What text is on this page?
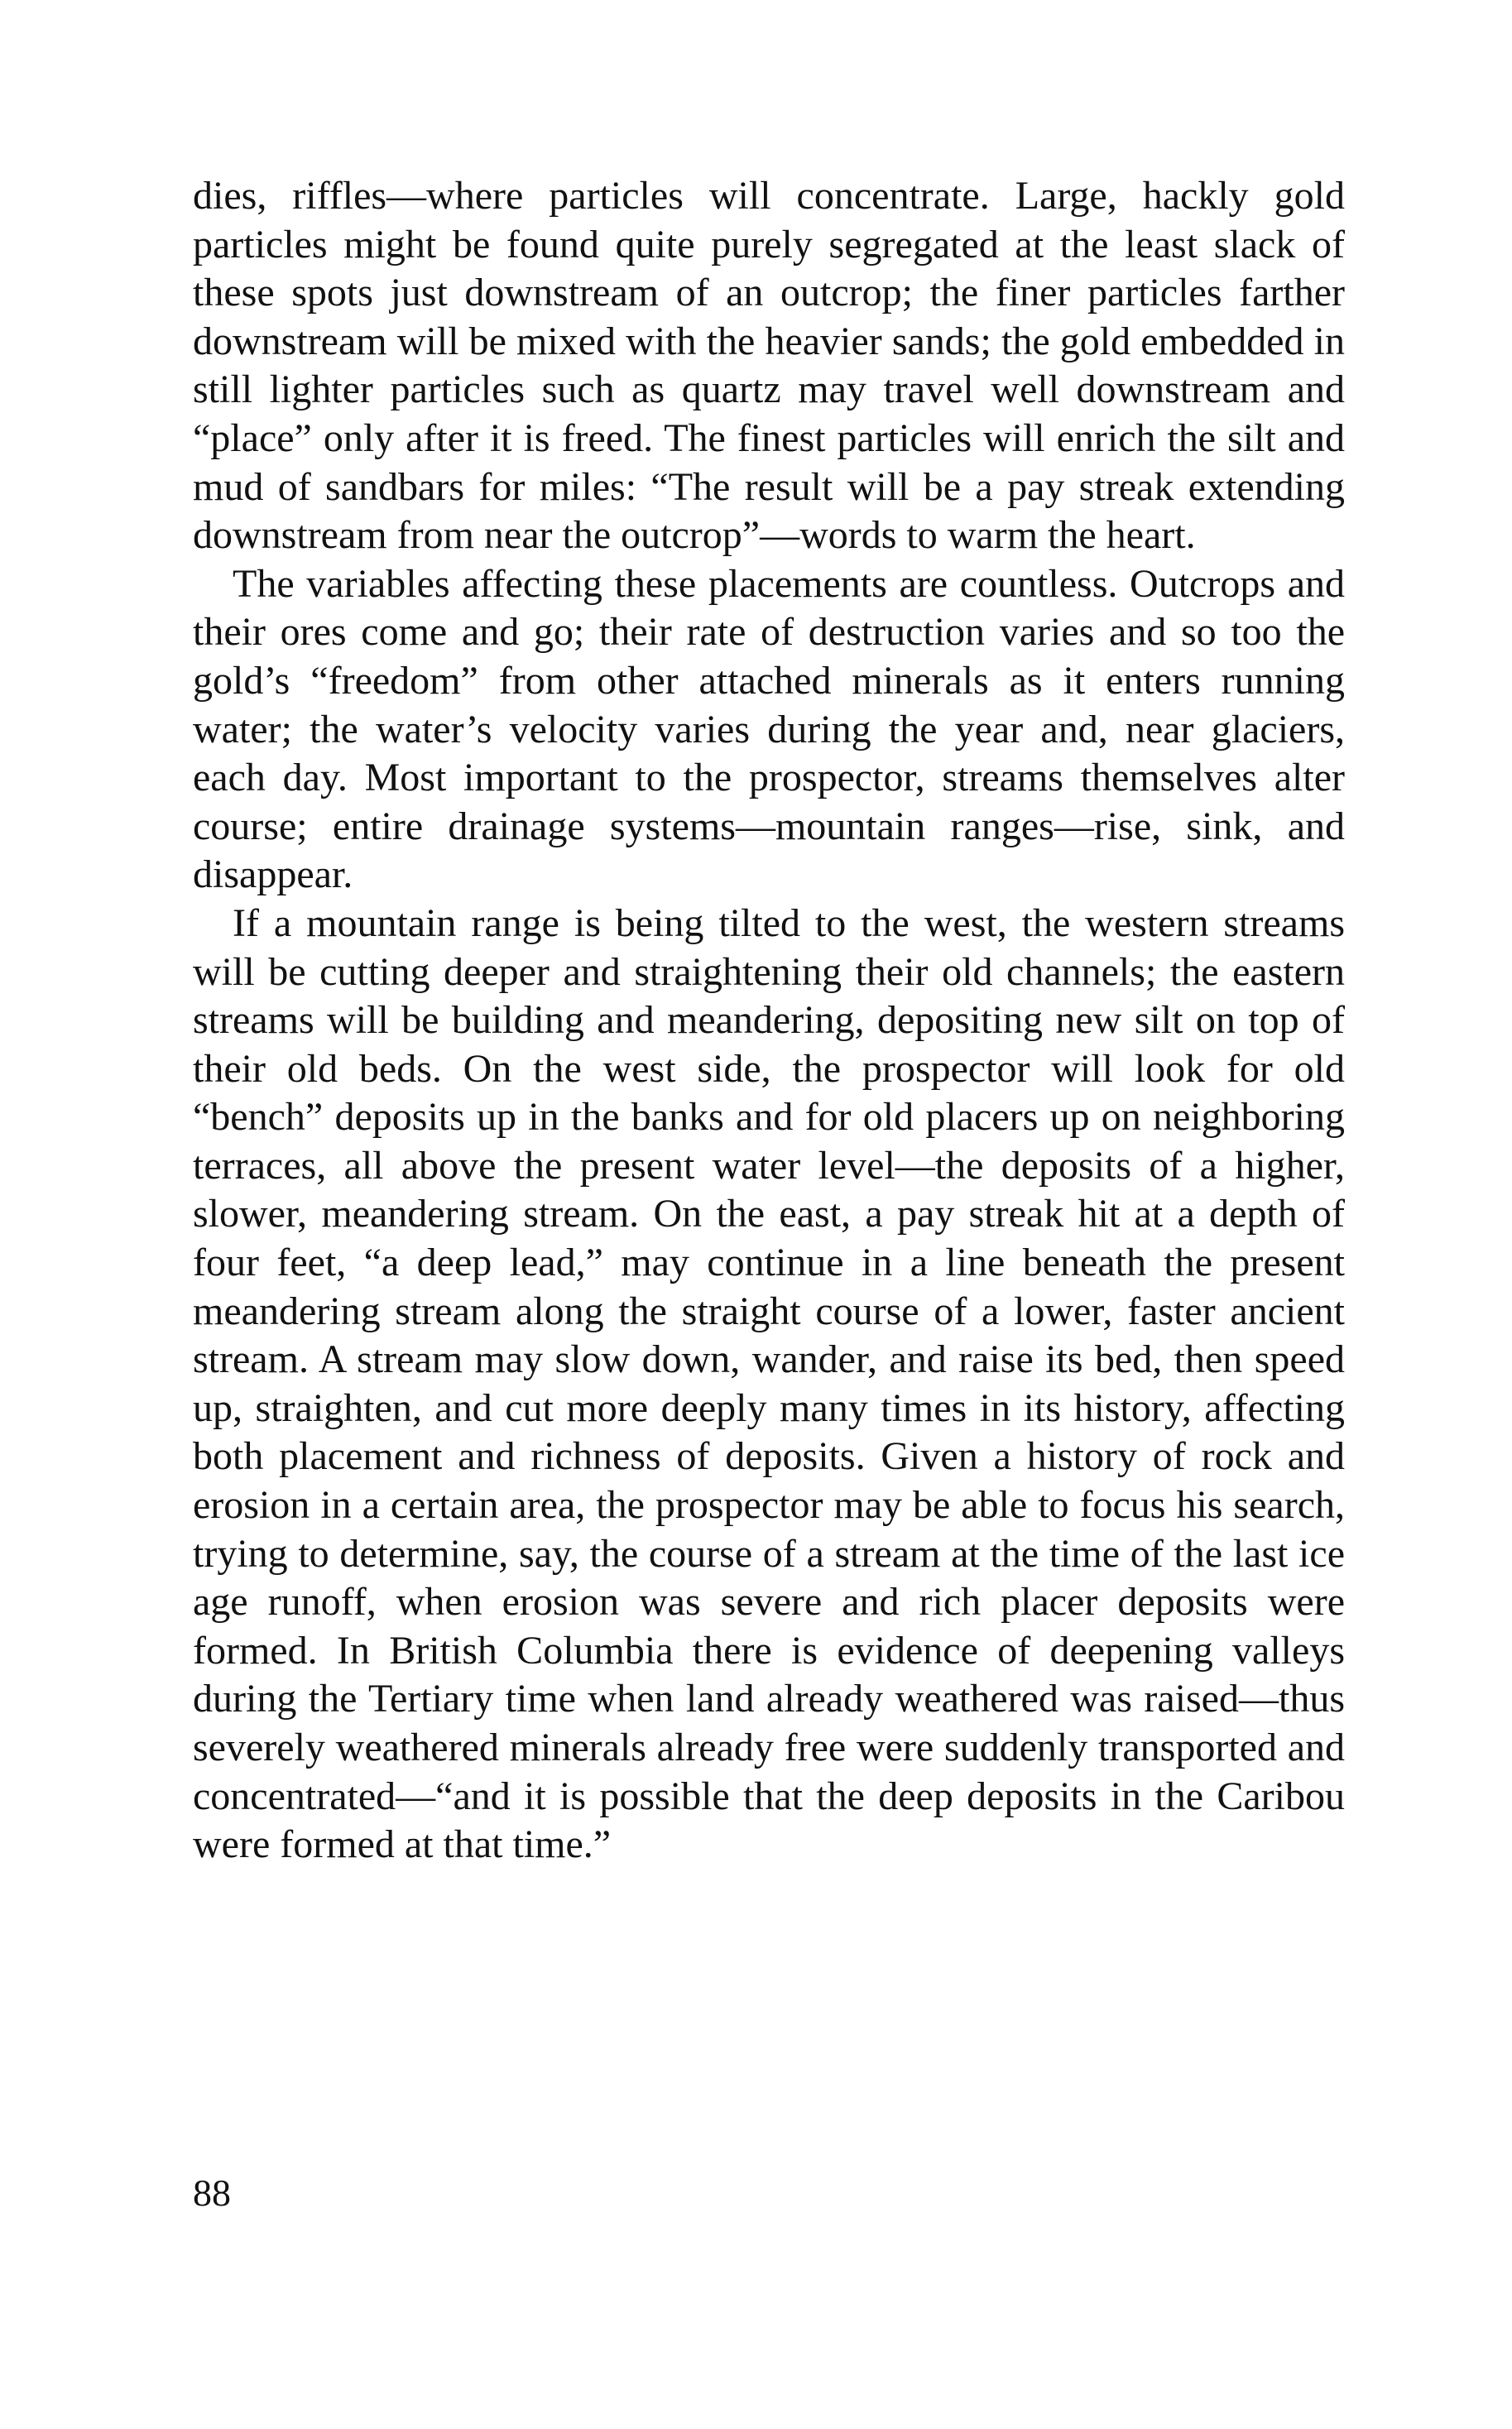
dies, riffles—where particles will concentrate. Large, hackly gold particles might be found quite purely segregated at the least slack of these spots just downstream of an outcrop; the finer particles farther downstream will be mixed with the heavier sands; the gold embedded in still lighter particles such as quartz may travel well downstream and “place” only after it is freed. The finest particles will enrich the silt and mud of sandbars for miles: “The result will be a pay streak extending downstream from near the outcrop”—words to warm the heart.

The variables affecting these placements are countless. Outcrops and their ores come and go; their rate of destruction varies and so too the gold’s “freedom” from other attached minerals as it enters running water; the water’s velocity varies during the year and, near glaciers, each day. Most important to the prospector, streams themselves alter course; entire drainage systems—mountain ranges—rise, sink, and disappear.

If a mountain range is being tilted to the west, the western streams will be cutting deeper and straightening their old channels; the eastern streams will be building and meandering, depositing new silt on top of their old beds. On the west side, the prospector will look for old “bench” deposits up in the banks and for old placers up on neighboring terraces, all above the present water level—the deposits of a higher, slower, meandering stream. On the east, a pay streak hit at a depth of four feet, “a deep lead,” may continue in a line beneath the present meandering stream along the straight course of a lower, faster ancient stream. A stream may slow down, wander, and raise its bed, then speed up, straighten, and cut more deeply many times in its history, affecting both placement and richness of deposits. Given a history of rock and erosion in a certain area, the prospector may be able to focus his search, trying to determine, say, the course of a stream at the time of the last ice age runoff, when erosion was severe and rich placer deposits were formed. In British Columbia there is evidence of deepening valleys during the Tertiary time when land already weathered was raised—thus severely weathered minerals already free were suddenly transported and concentrated—“and it is possible that the deep deposits in the Caribou were formed at that time.”

88
